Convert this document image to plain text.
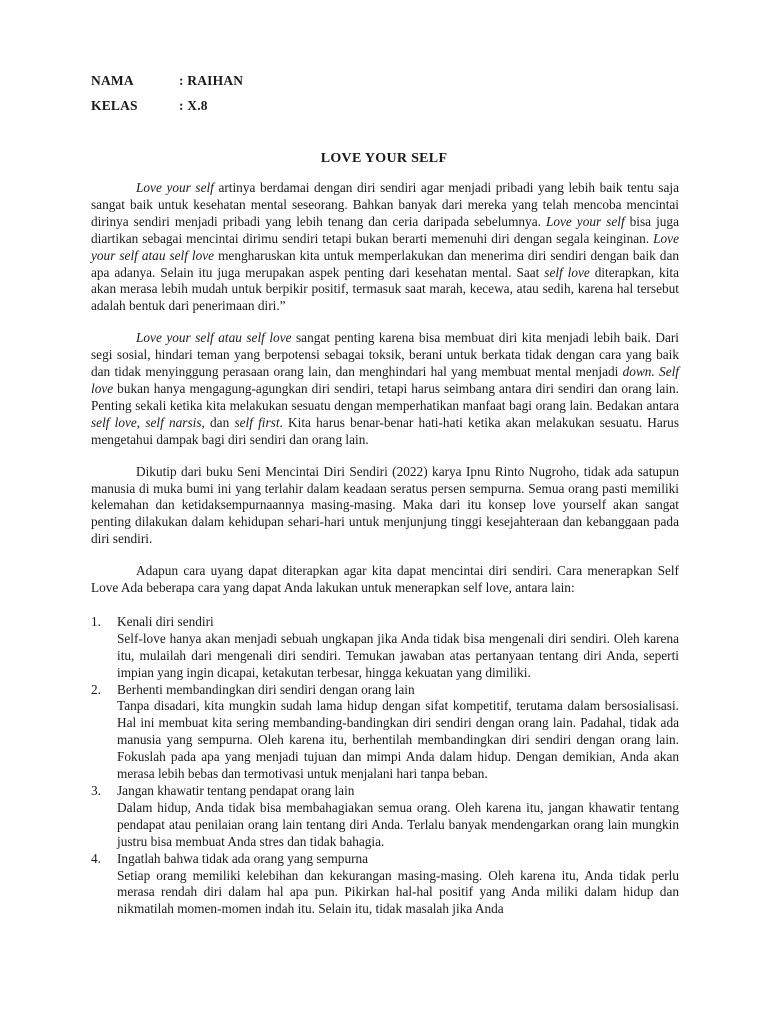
NAMA	: RAIHAN
KELAS	: X.8
LOVE YOUR SELF

Love your self artinya berdamai dengan diri sendiri agar menjadi pribadi yang lebih baik tentu saja sangat baik untuk kesehatan mental seseorang. Bahkan banyak dari mereka yang telah mencoba mencintai dirinya sendiri menjadi pribadi yang lebih tenang dan ceria daripada sebelumnya. Love your self bisa juga diartikan sebagai mencintai dirimu sendiri tetapi bukan berarti memenuhi diri dengan segala keinginan. Love your self atau self love mengharuskan kita untuk memperlakukan dan menerima diri sendiri dengan baik dan apa adanya. Selain itu juga merupakan aspek penting dari kesehatan mental. Saat self love diterapkan, kita akan merasa lebih mudah untuk berpikir positif, termasuk saat marah, kecewa, atau sedih, karena hal tersebut adalah bentuk dari penerimaan diri.”

Love your self atau self love sangat penting karena bisa membuat diri kita menjadi lebih baik. Dari segi sosial, hindari teman yang berpotensi sebagai toksik, berani untuk berkata tidak dengan cara yang baik dan tidak menyinggung perasaan orang lain, dan menghindari hal yang membuat mental menjadi down. Self love bukan hanya mengagung-agungkan diri sendiri, tetapi harus seimbang antara diri sendiri dan orang lain. Penting sekali ketika kita melakukan sesuatu dengan memperhatikan manfaat bagi orang lain. Bedakan antara self love, self narsis, dan self first. Kita harus benar-benar hati-hati ketika akan melakukan sesuatu. Harus mengetahui dampak bagi diri sendiri dan orang lain.

Dikutip dari buku Seni Mencintai Diri Sendiri (2022) karya Ipnu Rinto Nugroho, tidak ada satupun manusia di muka bumi ini yang terlahir dalam keadaan seratus persen sempurna. Semua orang pasti memiliki kelemahan dan ketidaksempurnaannya masing-masing. Maka dari itu konsep love yourself akan sangat penting dilakukan dalam kehidupan sehari-hari untuk menjunjung tinggi kesejahteraan dan kebanggaan pada diri sendiri.

Adapun cara uyang dapat diterapkan agar kita dapat mencintai diri sendiri. Cara menerapkan Self Love Ada beberapa cara yang dapat Anda lakukan untuk menerapkan self love, antara lain:

1. Kenali diri sendiri
Self-love hanya akan menjadi sebuah ungkapan jika Anda tidak bisa mengenali diri sendiri. Oleh karena itu, mulailah dari mengenali diri sendiri. Temukan jawaban atas pertanyaan tentang diri Anda, seperti impian yang ingin dicapai, ketakutan terbesar, hingga kekuatan yang dimiliki.
2. Berhenti membandingkan diri sendiri dengan orang lain
Tanpa disadari, kita mungkin sudah lama hidup dengan sifat kompetitif, terutama dalam bersosialisasi. Hal ini membuat kita sering membanding-bandingkan diri sendiri dengan orang lain. Padahal, tidak ada manusia yang sempurna. Oleh karena itu, berhentilah membandingkan diri sendiri dengan orang lain. Fokuslah pada apa yang menjadi tujuan dan mimpi Anda dalam hidup. Dengan demikian, Anda akan merasa lebih bebas dan termotivasi untuk menjalani hari tanpa beban.
3. Jangan khawatir tentang pendapat orang lain
Dalam hidup, Anda tidak bisa membahagiakan semua orang. Oleh karena itu, jangan khawatir tentang pendapat atau penilaian orang lain tentang diri Anda. Terlalu banyak mendengarkan orang lain mungkin justru bisa membuat Anda stres dan tidak bahagia.
4. Ingatlah bahwa tidak ada orang yang sempurna
Setiap orang memiliki kelebihan dan kekurangan masing-masing. Oleh karena itu, Anda tidak perlu merasa rendah diri dalam hal apa pun. Pikirkan hal-hal positif yang Anda miliki dalam hidup dan nikmatilah momen-momen indah itu. Selain itu, tidak masalah jika Anda
